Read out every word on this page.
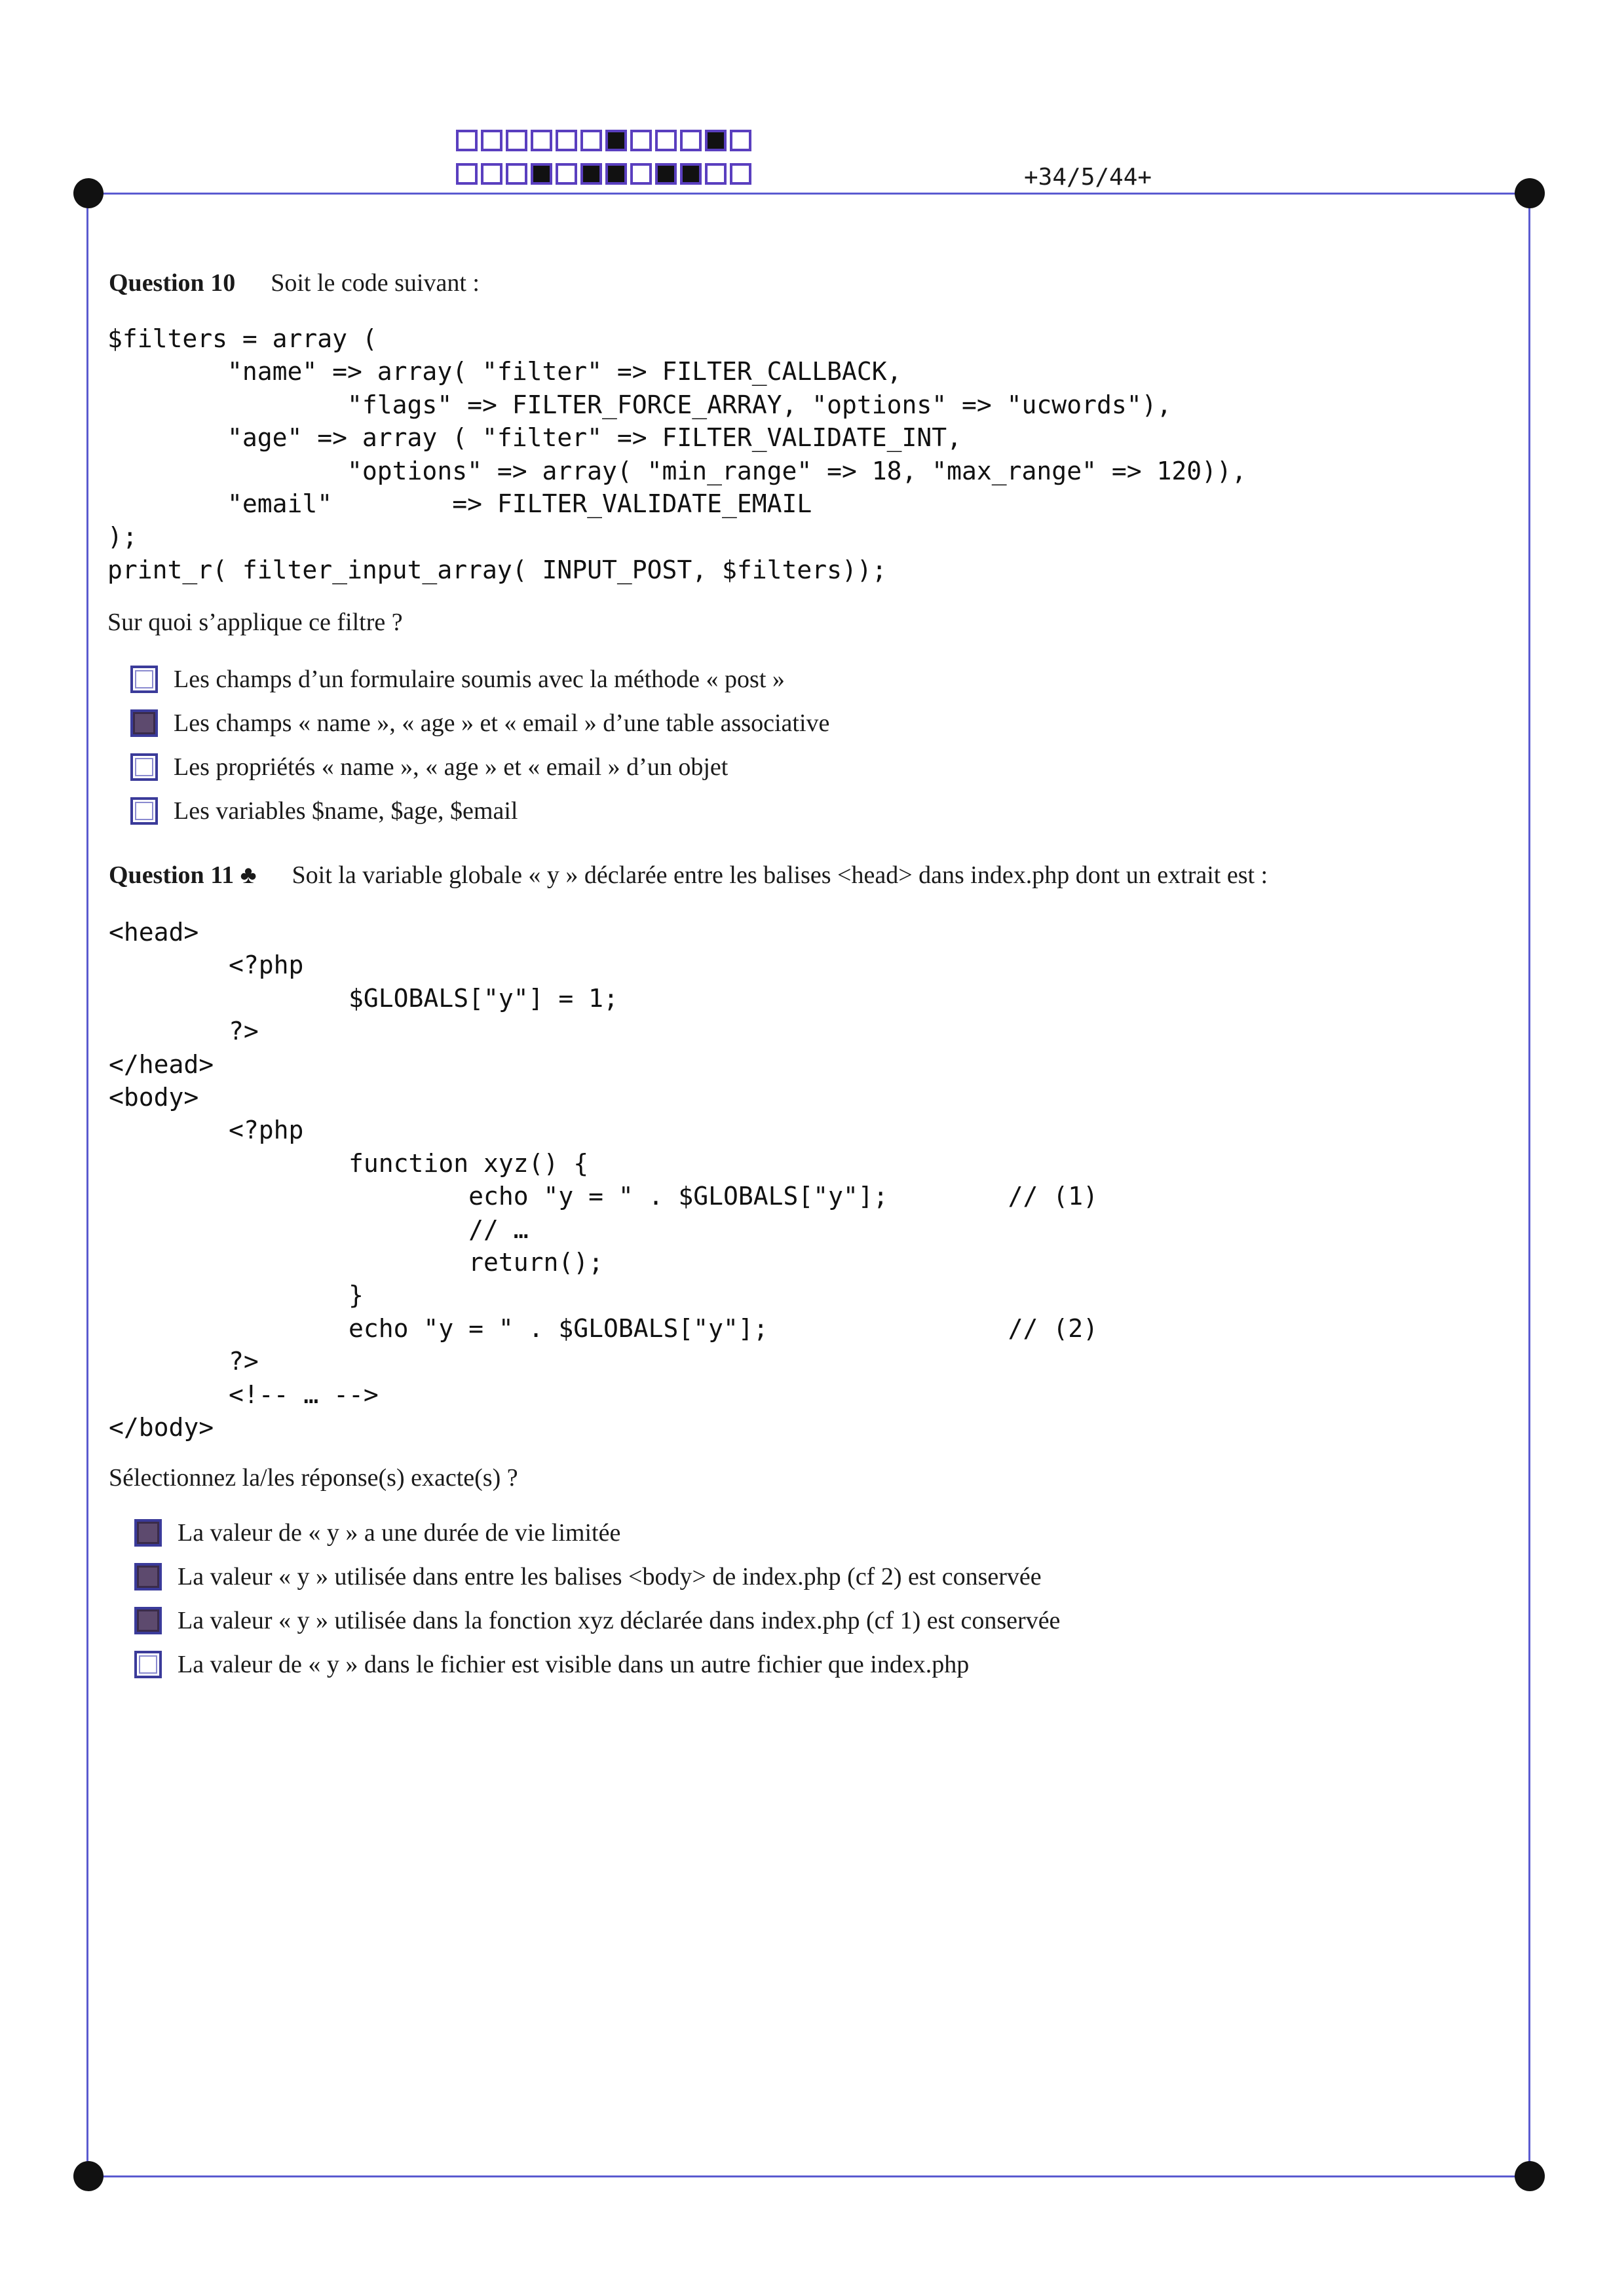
+34/5/44+
Question 10 Soit le code suivant :
$filters = array (
"name" => array( "filter" => FILTER_CALLBACK,
"flags" => FILTER_FORCE_ARRAY, "options" => "ucwords"),
"age" => array ( "filter" => FILTER_VALIDATE_INT,
"options" => array( "min_range" => 18, "max_range" => 120)),
"email"        => FILTER_VALIDATE_EMAIL
);
print_r( filter_input_array( INPUT_POST, $filters));
Sur quoi s’applique ce filtre ?
Les champs d’un formulaire soumis avec la méthode « post »
Les champs « name », « age » et « email » d’une table associative
Les propriétés « name », « age » et « email » d’un objet
Les variables $name, $age, $email
Question 11 ♣ Soit la variable globale « y » déclarée entre les balises <head> dans index.php dont un extrait est :
<head>
<?php
$GLOBALS["y"] = 1;
?>
</head>
<body>
<?php
function xyz() {
echo "y = " . $GLOBALS["y"];        // (1)
// …
return();
}
echo "y = " . $GLOBALS["y"];                // (2)
?>
<!-- … -->
</body>
Sélectionnez la/les réponse(s) exacte(s) ?
La valeur de « y » a une durée de vie limitée
La valeur « y » utilisée dans entre les balises <body> de index.php (cf 2) est conservée
La valeur « y » utilisée dans la fonction xyz déclarée dans index.php (cf 1) est conservée
La valeur de « y » dans le fichier est visible dans un autre fichier que index.php
